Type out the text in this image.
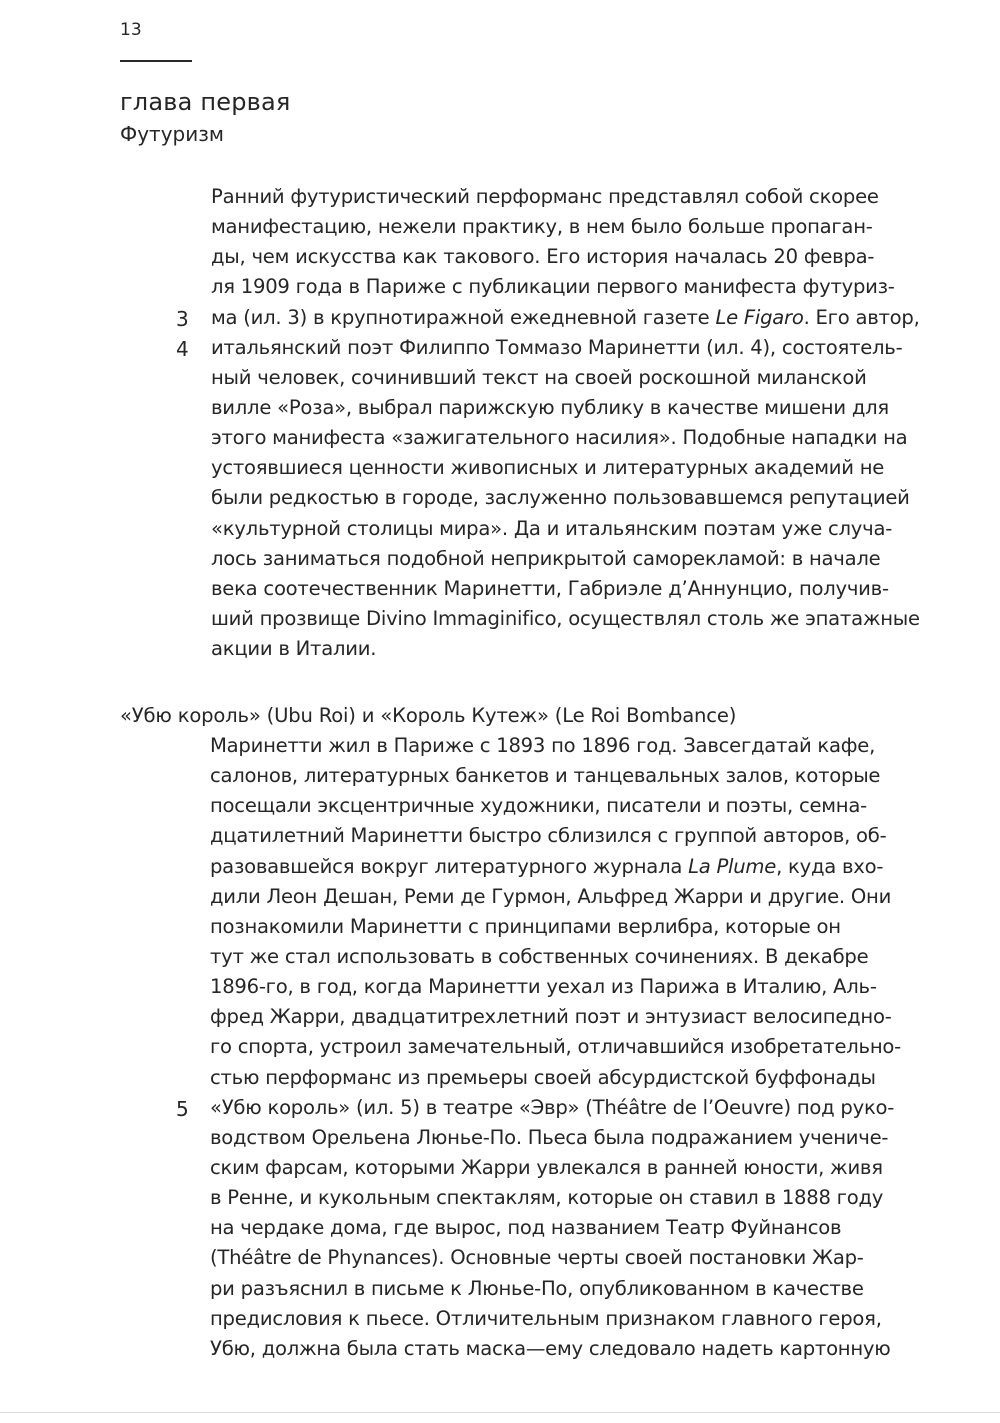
13
глава первая
Футуризм
3
4
Ранний футуристический перформанс представлял собой скорее
манифестацию, нежели практику, в нем было больше пропаган-
ды, чем искусства как такового. Его история началась 20 февра-
ля 1909 года в Париже с публикации первого манифеста футуриз-
ма (ил. 3) в крупнотиражной ежедневной газете Le Figaro. Его автор,
итальянский поэт Филиппо Томмазо Маринетти (ил. 4), состоятель-
ный человек, сочинивший текст на своей роскошной миланской
вилле «Роза», выбрал парижскую публику в качестве мишени для
этого манифеста «зажигательного насилия». Подобные нападки на
устоявшиеся ценности живописных и литературных академий не
были редкостью в городе, заслуженно пользовавшемся репутацией
«культурной столицы мира». Да и итальянским поэтам уже случа-
лось заниматься подобной неприкрытой саморекламой: в начале
века соотечественник Маринетти, Габриэле д’Аннунцио, получив-
ший прозвище Divino Immaginifico, осуществлял столь же эпатажные
акции в Италии.
«Убю король» (Ubu Roi) и «Король Кутеж» (Le Roi Bombance)
5
Маринетти жил в Париже с 1893 по 1896 год. Завсегдатай кафе,
салонов, литературных банкетов и танцевальных залов, которые
посещали эксцентричные художники, писатели и поэты, семна-
дцатилетний Маринетти быстро сблизился с группой авторов, об-
разовавшейся вокруг литературного журнала La Plume, куда вхо-
дили Леон Дешан, Реми де Гурмон, Альфред Жарри и другие. Они
познакомили Маринетти с принципами верлибра, которые он
тут же стал использовать в собственных сочинениях. В декабре
1896-го, в год, когда Маринетти уехал из Парижа в Италию, Аль-
фред Жарри, двадцатитрехлетний поэт и энтузиаст велосипедно-
го спорта, устроил замечательный, отличавшийся изобретательно-
стью перформанс из премьеры своей абсурдистской буффонады
«Убю король» (ил. 5) в театре «Эвр» (Théâtre de l’Oeuvre) под руко-
водством Орельена Люнье-По. Пьеса была подражанием учениче-
ским фарсам, которыми Жарри увлекался в ранней юности, живя
в Ренне, и кукольным спектаклям, которые он ставил в 1888 году
на чердаке дома, где вырос, под названием Театр Фуйнансов
(Théâtre de Phynances). Основные черты своей постановки Жар-
ри разъяснил в письме к Люнье-По, опубликованном в качестве
предисловия к пьесе. Отличительным признаком главного героя,
Убю, должна была стать маска—ему следовало надеть картонную
